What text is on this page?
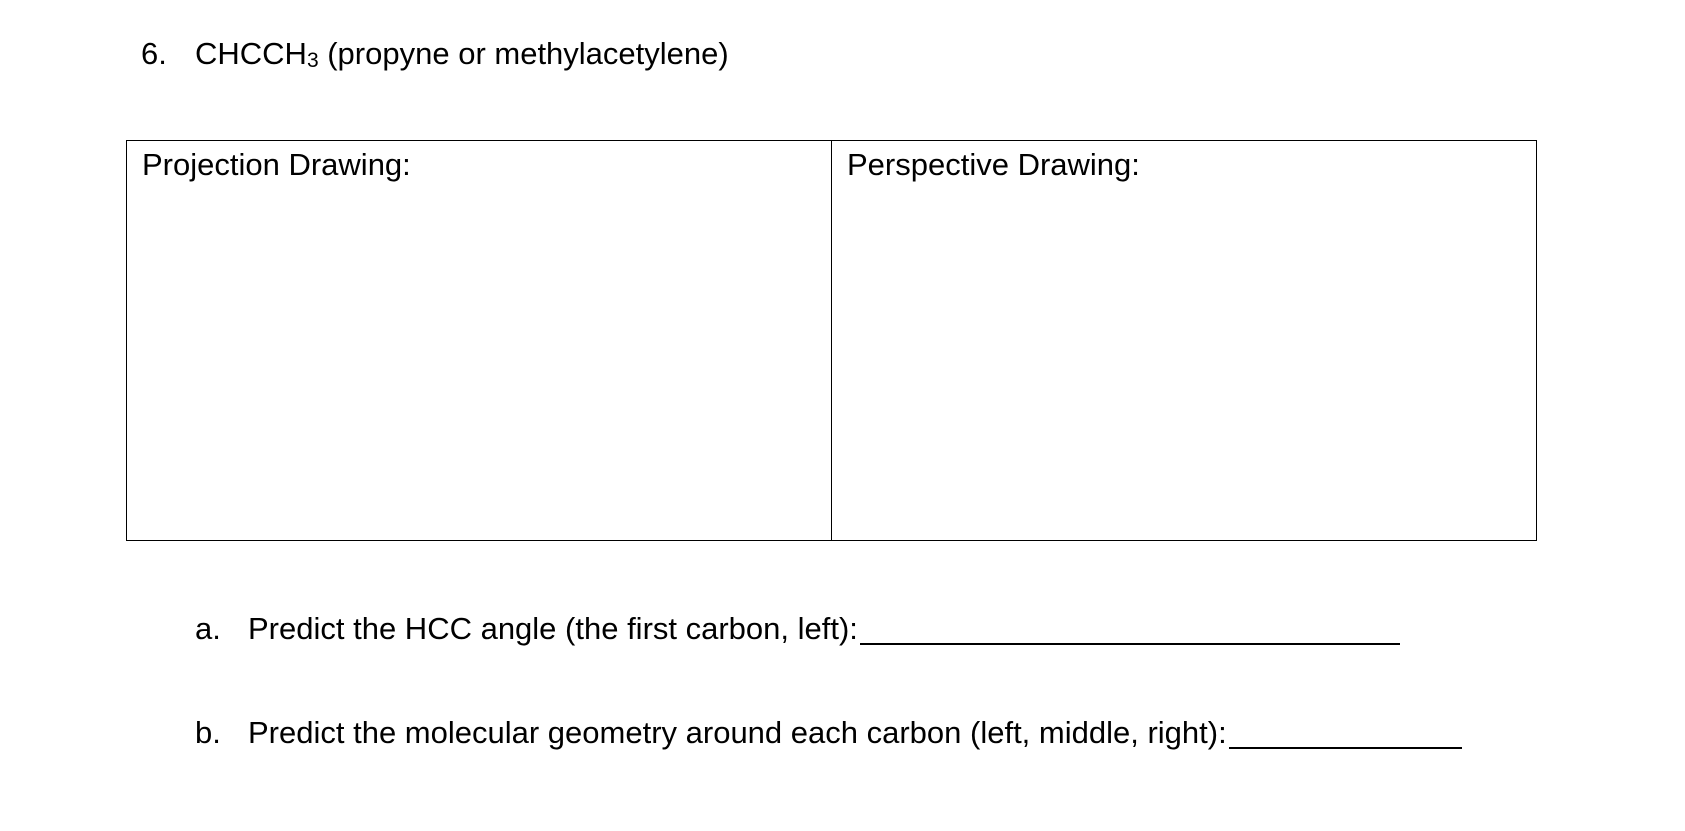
6. $CHCCH_3$ (propyne or methylacetylene)
Projection Drawing:	Perspective Drawing:
a. Predict the HCC angle (the first carbon, left):
b. Predict the molecular geometry around each carbon (left, middle, right):
